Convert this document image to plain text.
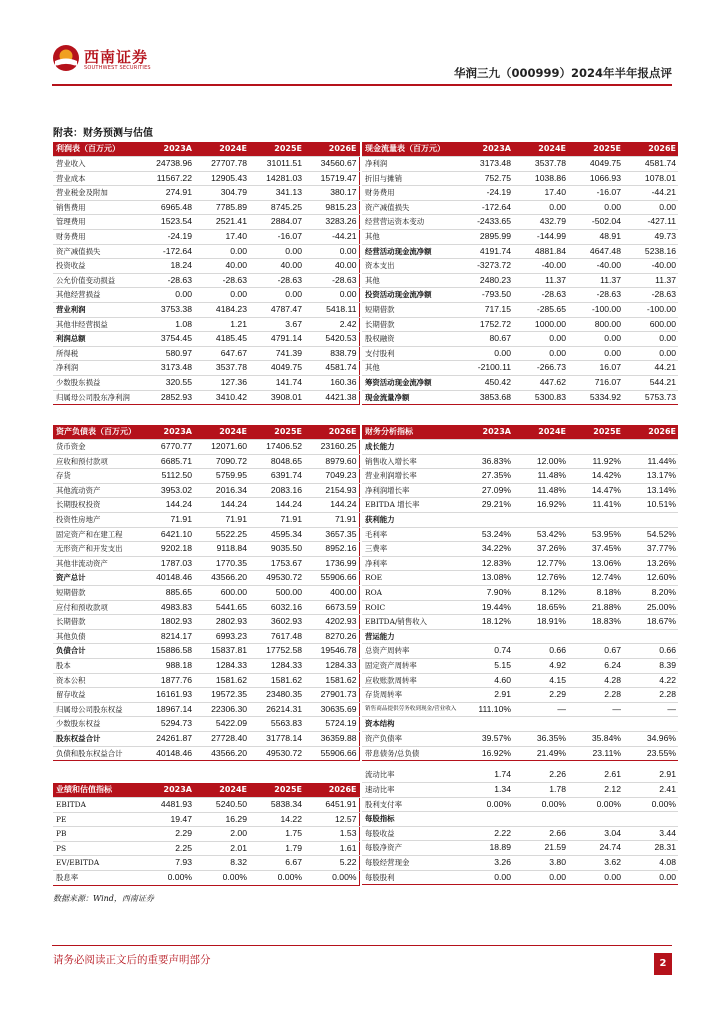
西南证券
SOUTHWEST SECURITIES	华润三九（000999）2024年半年报点评
附表：财务预测与估值
利润表（百万元）	2023A	2024E	2025E	2026E
营业收入	24738.96	27707.78	31011.51	34560.67
营业成本	11567.22	12905.43	14281.03	15719.47
营业税金及附加	274.91	304.79	341.13	380.17
销售费用	6965.48	7785.89	8745.25	9815.23
管理费用	1523.54	2521.41	2884.07	3283.26
财务费用	-24.19	17.40	-16.07	-44.21
资产减值损失	-172.64	0.00	0.00	0.00
投资收益	18.24	40.00	40.00	40.00
公允价值变动损益	-28.63	-28.63	-28.63	-28.63
其他经营损益	0.00	0.00	0.00	0.00
营业利润	3753.38	4184.23	4787.47	5418.11
其他非经营损益	1.08	1.21	3.67	2.42
利润总额	3754.45	4185.45	4791.14	5420.53
所得税	580.97	647.67	741.39	838.79
净利润	3173.48	3537.78	4049.75	4581.74
少数股东损益	320.55	127.36	141.74	160.36
归属母公司股东净利润	2852.93	3410.42	3908.01	4421.38
现金流量表（百万元）	2023A	2024E	2025E	2026E
净利润	3173.48	3537.78	4049.75	4581.74
折旧与摊销	752.75	1038.86	1066.93	1078.01
财务费用	-24.19	17.40	-16.07	-44.21
资产减值损失	-172.64	0.00	0.00	0.00
经营营运资本变动	-2433.65	432.79	-502.04	-427.11
其他	2895.99	-144.99	48.91	49.73
经营活动现金流净额	4191.74	4881.84	4647.48	5238.16
资本支出	-3273.72	-40.00	-40.00	-40.00
其他	2480.23	11.37	11.37	11.37
投资活动现金流净额	-793.50	-28.63	-28.63	-28.63
短期借款	717.15	-285.65	-100.00	-100.00
长期借款	1752.72	1000.00	800.00	600.00
股权融资	80.67	0.00	0.00	0.00
支付股利	0.00	0.00	0.00	0.00
其他	-2100.11	-266.73	16.07	44.21
筹资活动现金流净额	450.42	447.62	716.07	544.21
现金流量净额	3853.68	5300.83	5334.92	5753.73
资产负债表（百万元）	2023A	2024E	2025E	2026E
货币资金	6770.77	12071.60	17406.52	23160.25
应收和预付款项	6685.71	7090.72	8048.65	8979.60
存货	5112.50	5759.95	6391.74	7049.23
其他流动资产	3953.02	2016.34	2083.16	2154.93
长期股权投资	144.24	144.24	144.24	144.24
投资性房地产	71.91	71.91	71.91	71.91
固定资产和在建工程	6421.10	5522.25	4595.34	3657.35
无形资产和开发支出	9202.18	9118.84	9035.50	8952.16
其他非流动资产	1787.03	1770.35	1753.67	1736.99
资产总计	40148.46	43566.20	49530.72	55906.66
短期借款	885.65	600.00	500.00	400.00
应付和预收款项	4983.83	5441.65	6032.16	6673.59
长期借款	1802.93	2802.93	3602.93	4202.93
其他负债	8214.17	6993.23	7617.48	8270.26
负债合计	15886.58	15837.81	17752.58	19546.78
股本	988.18	1284.33	1284.33	1284.33
资本公积	1877.76	1581.62	1581.62	1581.62
留存收益	16161.93	19572.35	23480.35	27901.73
归属母公司股东权益	18967.14	22306.30	26214.31	30635.69
少数股东权益	5294.73	5422.09	5563.83	5724.19
股东权益合计	24261.87	27728.40	31778.14	36359.88
负债和股东权益合计	40148.46	43566.20	49530.72	55906.66
财务分析指标	2023A	2024E	2025E	2026E
成长能力				
销售收入增长率	36.83%	12.00%	11.92%	11.44%
营业利润增长率	27.35%	11.48%	14.42%	13.17%
净利润增长率	27.09%	11.48%	14.47%	13.14%
EBITDA 增长率	29.21%	16.92%	11.41%	10.51%
获利能力				
毛利率	53.24%	53.42%	53.95%	54.52%
三费率	34.22%	37.26%	37.45%	37.77%
净利率	12.83%	12.77%	13.06%	13.26%
ROE	13.08%	12.76%	12.74%	12.60%
ROA	7.90%	8.12%	8.18%	8.20%
ROIC	19.44%	18.65%	21.88%	25.00%
EBITDA/销售收入	18.12%	18.91%	18.83%	18.67%
营运能力				
总资产周转率	0.74	0.66	0.67	0.66
固定资产周转率	5.15	4.92	6.24	8.39
应收账款周转率	4.60	4.15	4.28	4.22
存货周转率	2.91	2.29	2.28	2.28
销售商品提供劳务收到现金/营业收入	111.10%	—	—	—
资本结构				
资产负债率	39.57%	36.35%	35.84%	34.96%
带息债务/总负债	16.92%	21.49%	23.11%	23.55%
业绩和估值指标	2023A	2024E	2025E	2026E
EBITDA	4481.93	5240.50	5838.34	6451.91
PE	19.47	16.29	14.22	12.57
PB	2.29	2.00	1.75	1.53
PS	2.25	2.01	1.79	1.61
EV/EBITDA	7.93	8.32	6.67	5.22
股息率	0.00%	0.00%	0.00%	0.00%
流动比率	1.74	2.26	2.61	2.91
速动比率	1.34	1.78	2.12	2.41
股利支付率	0.00%	0.00%	0.00%	0.00%
每股指标				
每股收益	2.22	2.66	3.04	3.44
每股净资产	18.89	21.59	24.74	28.31
每股经营现金	3.26	3.80	3.62	4.08
每股股利	0.00	0.00	0.00	0.00
数据来源：Wind，西南证券
请务必阅读正文后的重要声明部分	2
